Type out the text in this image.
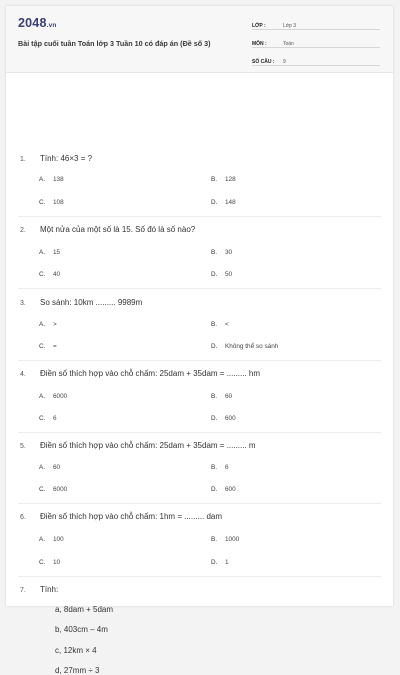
2048.vn
Bài tập cuối tuần Toán lớp 3 Tuần 10 có đáp án (Đề số 3)
LỚP :	Lớp 3
MÔN :	Toán
SỐ CÂU :	9
1. Tính: 46×3 = ?
A. 138	B. 128
C. 108	D. 148
2. Một nửa của một số là 15. Số đó là số nào?
A. 15	B. 30
C. 40	D. 50
3. So sánh: 10km ......... 9989m
A. >	B. <
C. =	D. Không thể so sánh
4. Điền số thích hợp vào chỗ chấm: 25dam + 35dam = ......... hm
A. 6000	B. 60
C. 6	D. 600
5. Điền số thích hợp vào chỗ chấm: 25dam + 35dam = ......... m
A. 60	B. 6
C. 6000	D. 600
6. Điền số thích hợp vào chỗ chấm: 1hm = ......... dam
A. 100	B. 1000
C. 10	D. 1
7. Tính:
a, 8dam + 5dam
b, 403cm – 4m
c, 12km × 4
d, 27mm ÷ 3
